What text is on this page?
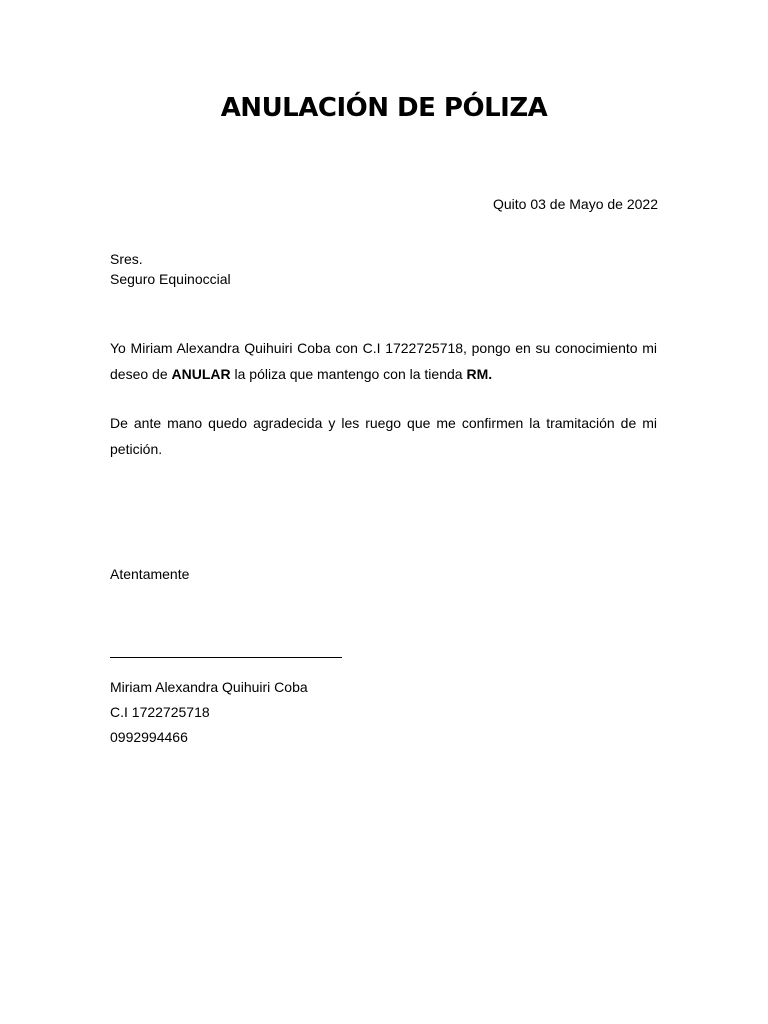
ANULACIÓN DE PÓLIZA
Quito 03 de Mayo de 2022
Sres.
Seguro Equinoccial
Yo Miriam Alexandra Quihuiri Coba con C.I 1722725718, pongo en su conocimiento mi deseo de ANULAR la póliza que mantengo con la tienda RM.
De ante mano quedo agradecida y les ruego que me confirmen la tramitación de mi petición.
Atentamente
Miriam Alexandra Quihuiri Coba
C.I 1722725718
0992994466
